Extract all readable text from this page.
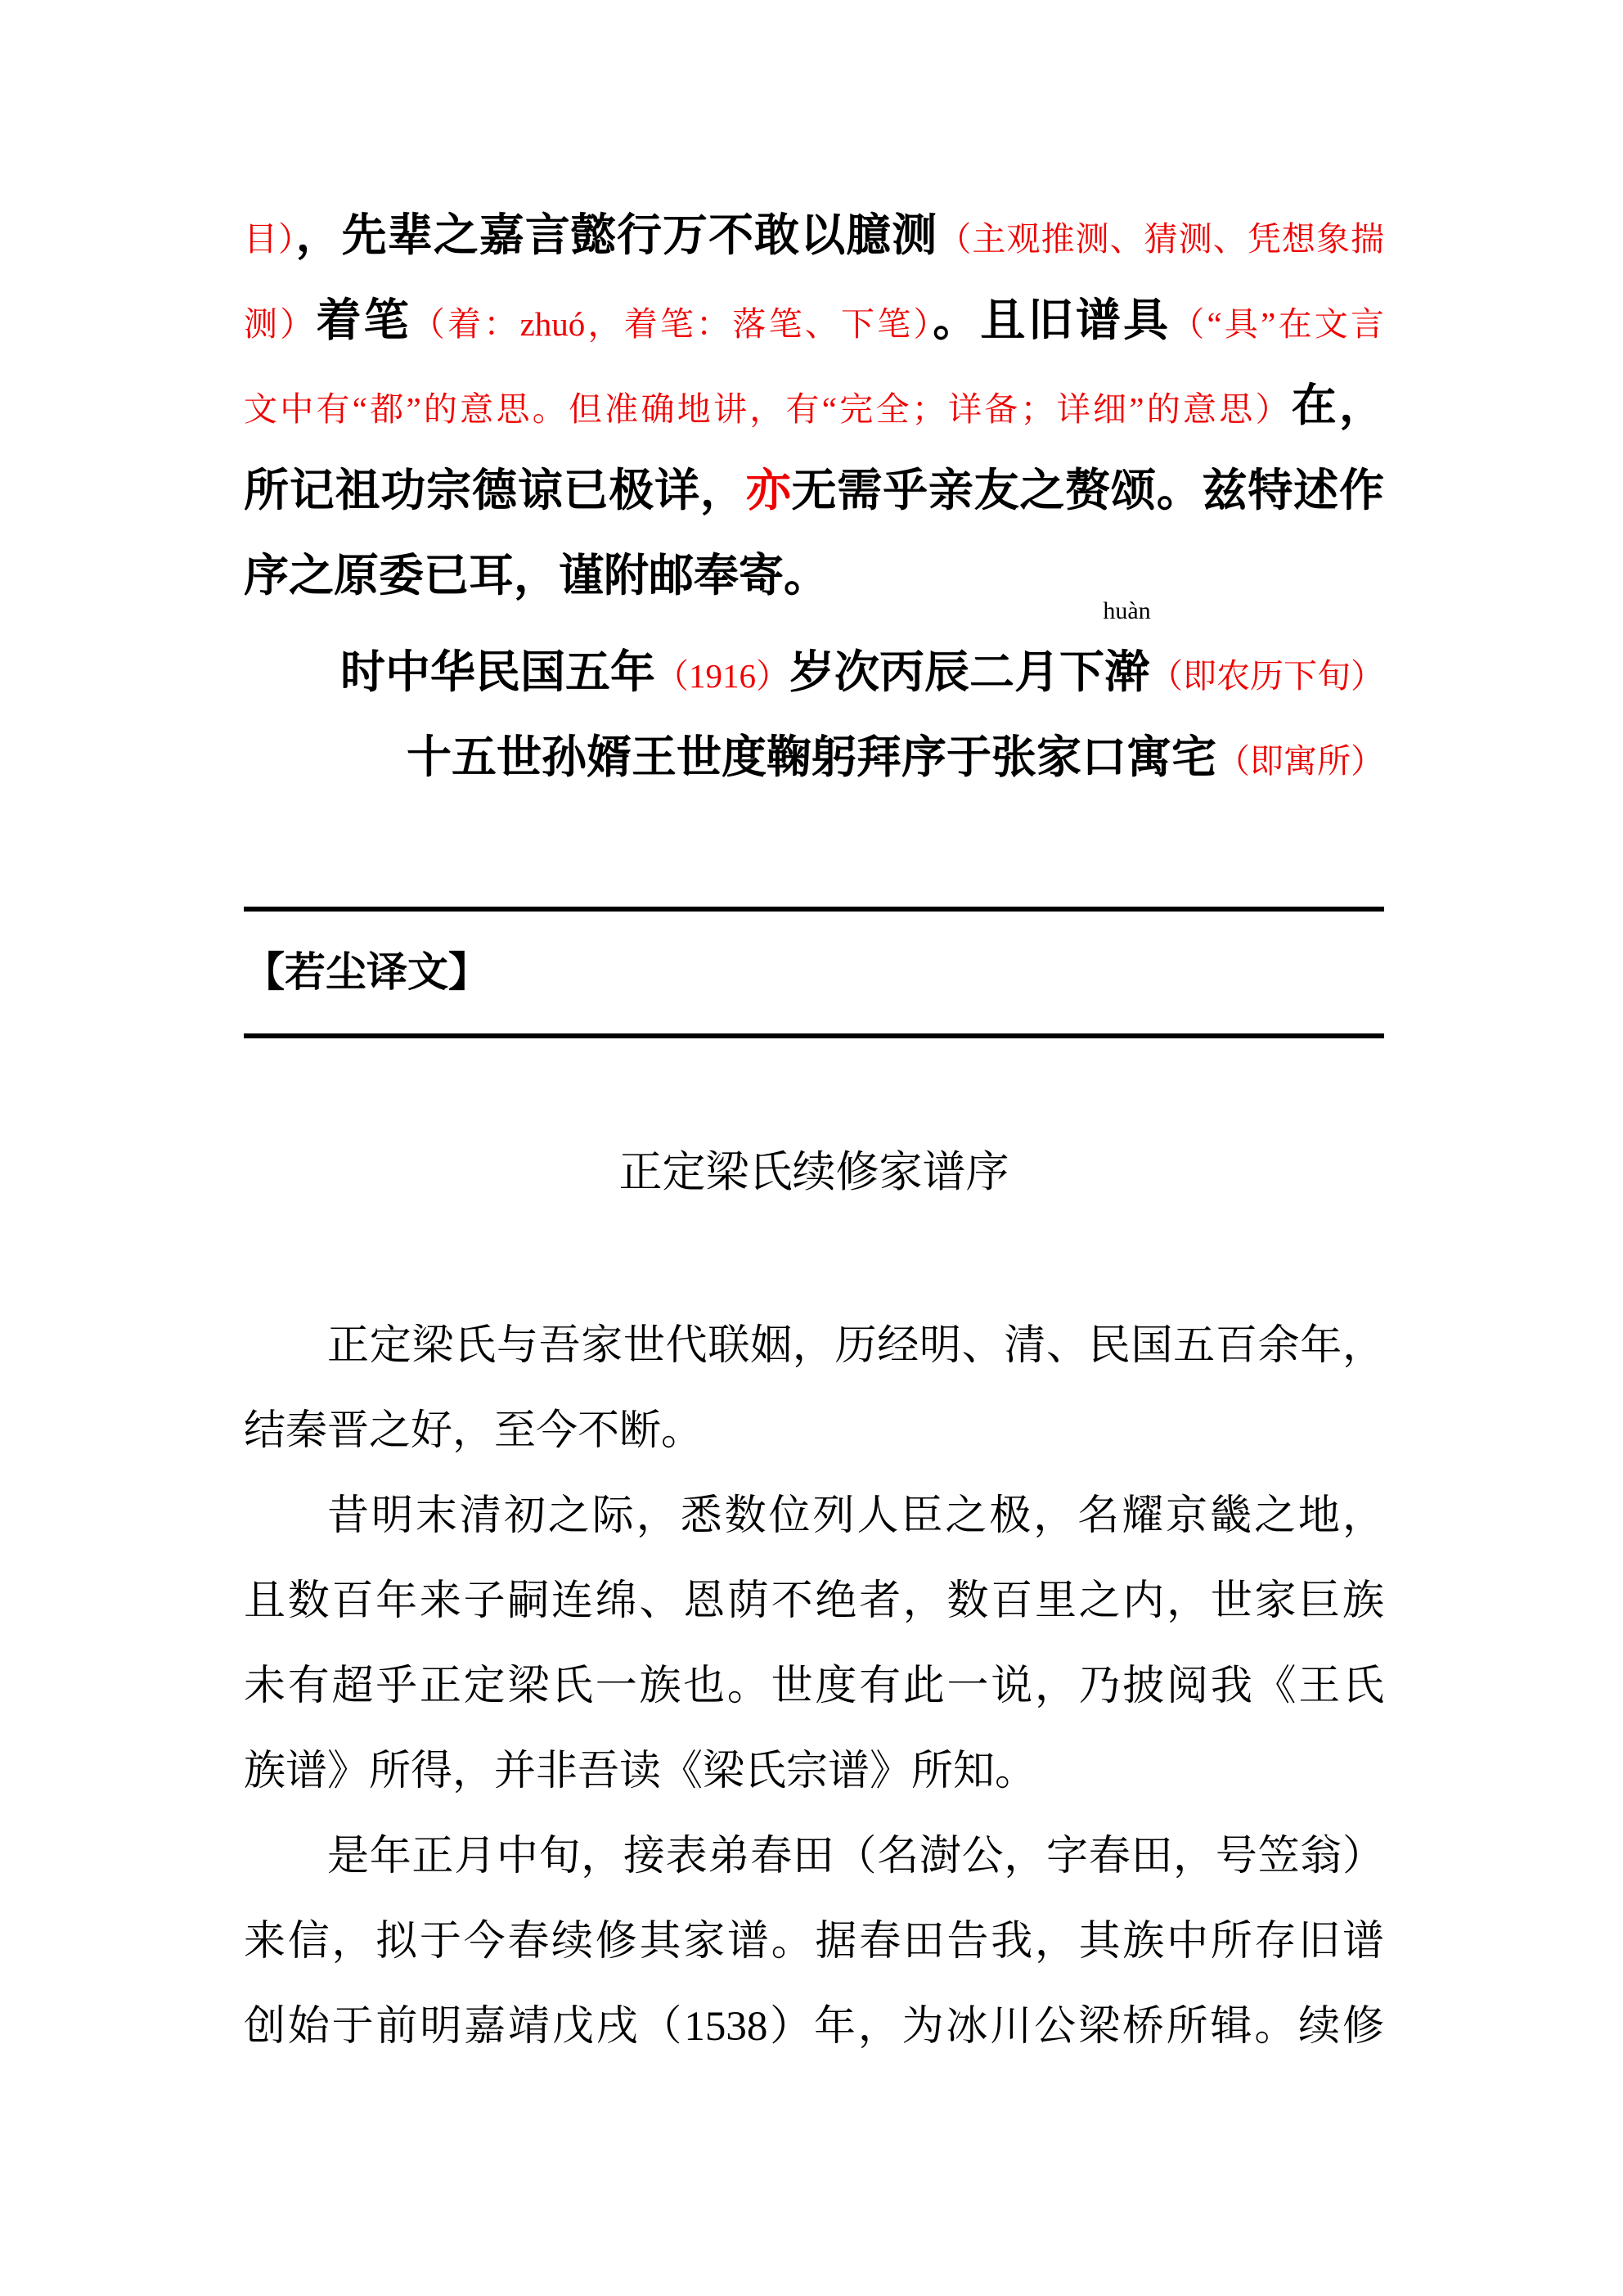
目），先辈之嘉言懿行万不敢以臆测（主观推测、猜测、凭想象揣
测）着笔（着：zhuó，着笔：落笔、下笔）。且旧谱具（“具”在文言
文中有“都”的意思。但准确地讲，有“完全；详备；详细”的意思）在，
所记祖功宗德谅已极详，亦无需乎亲友之赘颂。兹特述作
序之原委已耳，谨附邮奉寄。
时中华民国五年（1916）岁次丙辰二月下澣
huàn
（即农历下旬）
十五世孙婿王世度鞠躬拜序于张家口寓宅（即寓所）
【若尘译文】
正定梁氏续修家谱序
正定梁氏与吾家世代联姻，历经明、清、民国五百余年，
结秦晋之好，至今不断。
昔明末清初之际，悉数位列人臣之极，名耀京畿之地，
且数百年来子嗣连绵、恩荫不绝者，数百里之内，世家巨族
未有超乎正定梁氏一族也。世度有此一说，乃披阅我《王氏
族谱》所得，并非吾读《梁氏宗谱》所知。
是年正月中旬，接表弟春田（名澍公，字春田，号笠翁）
来信，拟于今春续修其家谱。据春田告我，其族中所存旧谱
创始于前明嘉靖戊戌（1538）年，为冰川公梁桥所辑。续修
